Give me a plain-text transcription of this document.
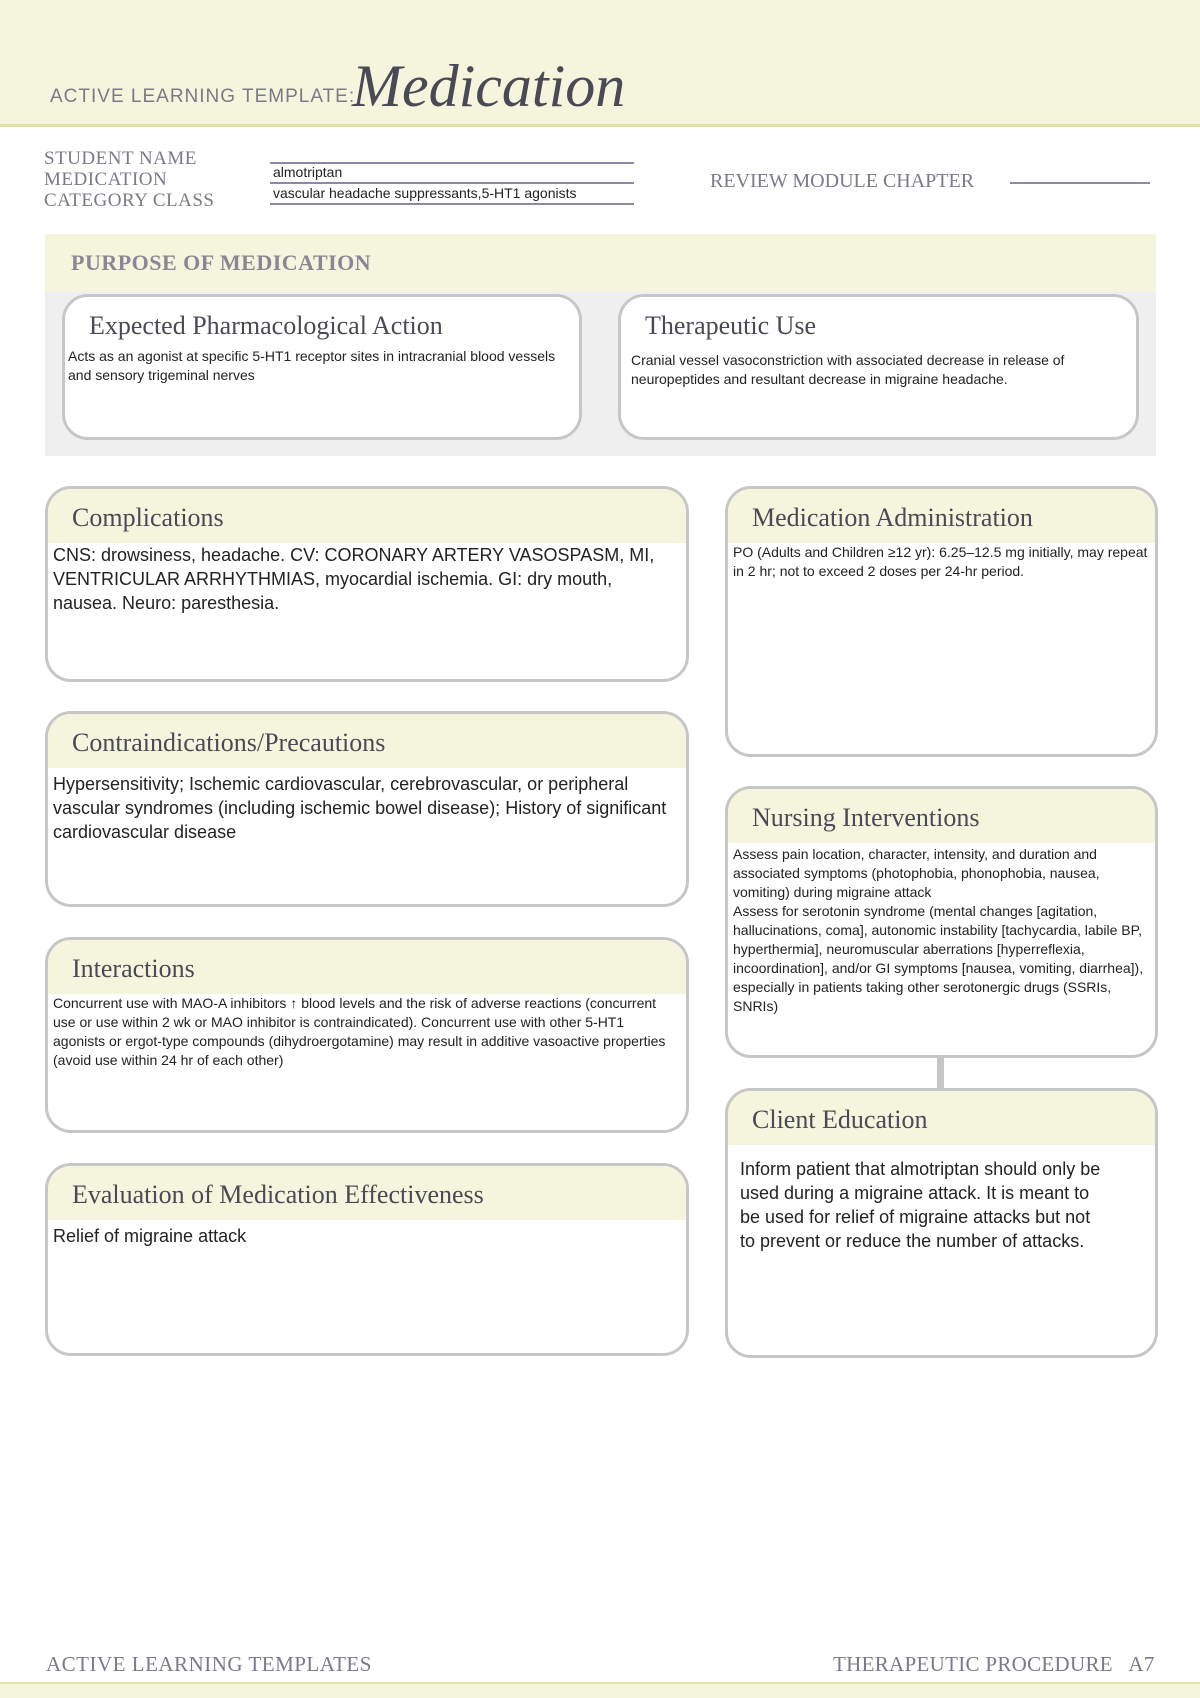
ACTIVE LEARNING TEMPLATE:
Medication
STUDENT NAME
MEDICATION	almotriptan
CATEGORY CLASS	vascular headache suppressants,5-HT1 agonists
REVIEW MODULE CHAPTER
PURPOSE OF MEDICATION
Expected Pharmacological Action
Acts as an agonist at specific 5-HT1 receptor sites in intracranial blood vessels and sensory trigeminal nerves
Therapeutic Use
Cranial vessel vasoconstriction with associated decrease in release of neuropeptides and resultant decrease in migraine headache.
Complications
CNS: drowsiness, headache. CV: CORONARY ARTERY VASOSPASM, MI, VENTRICULAR ARRHYTHMIAS, myocardial ischemia. GI: dry mouth, nausea. Neuro: paresthesia.
Contraindications/Precautions
Hypersensitivity; Ischemic cardiovascular, cerebrovascular, or peripheral vascular syndromes (including ischemic bowel disease); History of significant cardiovascular disease
Interactions
Concurrent use with MAO-A inhibitors ↑ blood levels and the risk of adverse reactions (concurrent use or use within 2 wk or MAO inhibitor is contraindicated). Concurrent use with other 5-HT1 agonists or ergot-type compounds (dihydroergotamine) may result in additive vasoactive properties (avoid use within 24 hr of each other)
Evaluation of Medication Effectiveness
Relief of migraine attack
Medication Administration
PO (Adults and Children ≥12 yr): 6.25–12.5 mg initially, may repeat in 2 hr; not to exceed 2 doses per 24-hr period.
Nursing Interventions
Assess pain location, character, intensity, and duration and associated symptoms (photophobia, phonophobia, nausea, vomiting) during migraine attack
Assess for serotonin syndrome (mental changes [agitation, hallucinations, coma], autonomic instability [tachycardia, labile BP, hyperthermia], neuromuscular aberrations [hyperreflexia, incoordination], and/or GI symptoms [nausea, vomiting, diarrhea]), especially in patients taking other serotonergic drugs (SSRIs, SNRIs)
Client Education
Inform patient that almotriptan should only be used during a migraine attack. It is meant to be used for relief of migraine attacks but not to prevent or reduce the number of attacks.
ACTIVE LEARNING TEMPLATES	THERAPEUTIC PROCEDURE   A7
